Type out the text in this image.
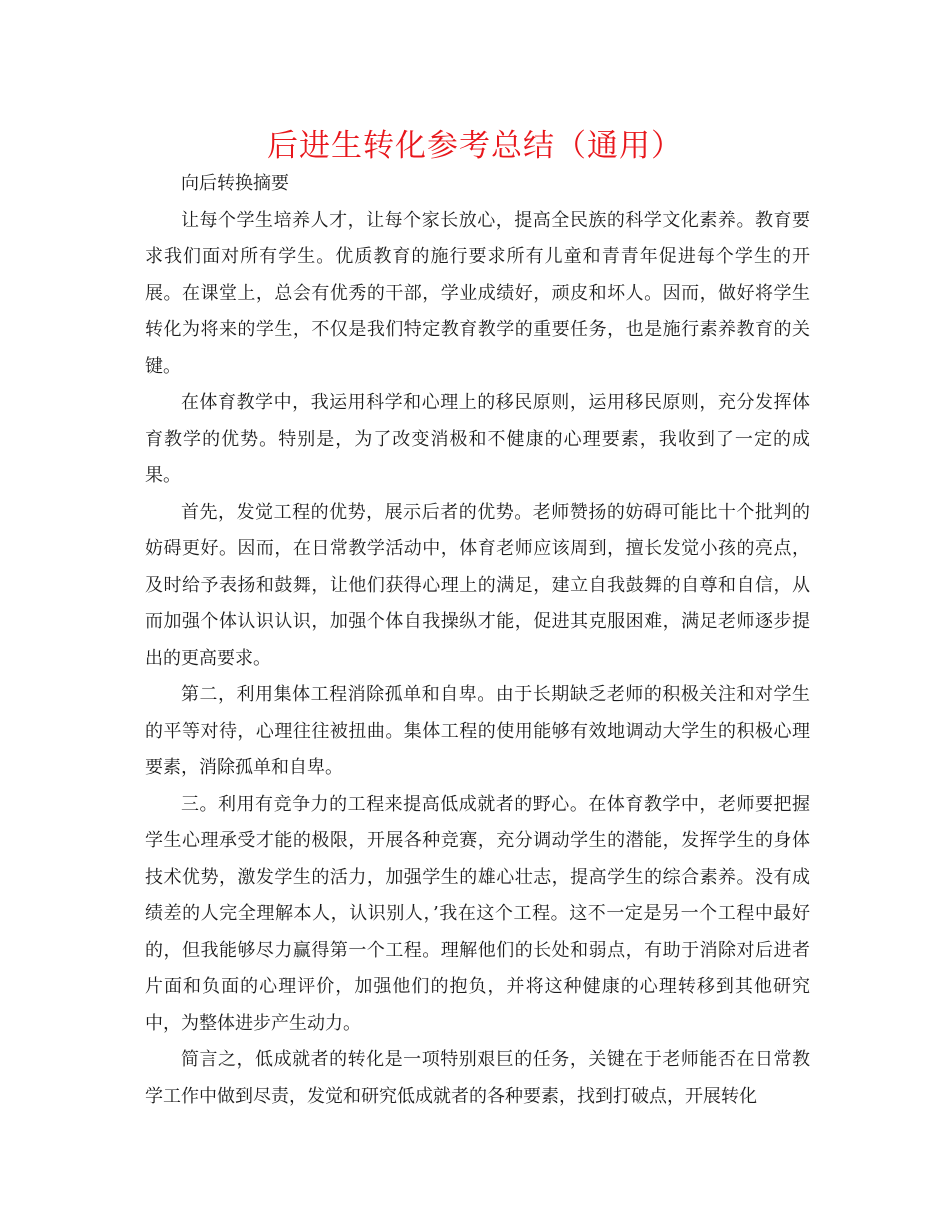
后进生转化参考总结（通用）

向后转换摘要

让每个学生培养人才，让每个家长放心，提高全民族的科学文化素养。教育要求我们面对所有学生。优质教育的施行要求所有儿童和青青年促进每个学生的开展。在课堂上，总会有优秀的干部，学业成绩好，顽皮和坏人。因而，做好将学生转化为将来的学生，不仅是我们特定教育教学的重要任务，也是施行素养教育的关键。

在体育教学中，我运用科学和心理上的移民原则，运用移民原则，充分发挥体育教学的优势。特别是，为了改变消极和不健康的心理要素，我收到了一定的成果。

首先，发觉工程的优势，展示后者的优势。老师赞扬的妨碍可能比十个批判的妨碍更好。因而，在日常教学活动中，体育老师应该周到，擅长发觉小孩的亮点，及时给予表扬和鼓舞，让他们获得心理上的满足，建立自我鼓舞的自尊和自信，从而加强个体认识认识，加强个体自我操纵才能，促进其克服困难，满足老师逐步提出的更高要求。

第二，利用集体工程消除孤单和自卑。由于长期缺乏老师的积极关注和对学生的平等对待，心理往往被扭曲。集体工程的使用能够有效地调动大学生的积极心理要素，消除孤单和自卑。

三。利用有竞争力的工程来提高低成就者的野心。在体育教学中，老师要把握学生心理承受才能的极限，开展各种竞赛，充分调动学生的潜能，发挥学生的身体技术优势，激发学生的活力，加强学生的雄心壮志，提高学生的综合素养。没有成绩差的人完全理解本人，认识别人，’我在这个工程。这不一定是另一个工程中最好的，但我能够尽力赢得第一个工程。理解他们的长处和弱点，有助于消除对后进者片面和负面的心理评价，加强他们的抱负，并将这种健康的心理转移到其他研究中，为整体进步产生动力。

简言之，低成就者的转化是一项特别艰巨的任务，关键在于老师能否在日常教学工作中做到尽责，发觉和研究低成就者的各种要素，找到打破点，开展转化
